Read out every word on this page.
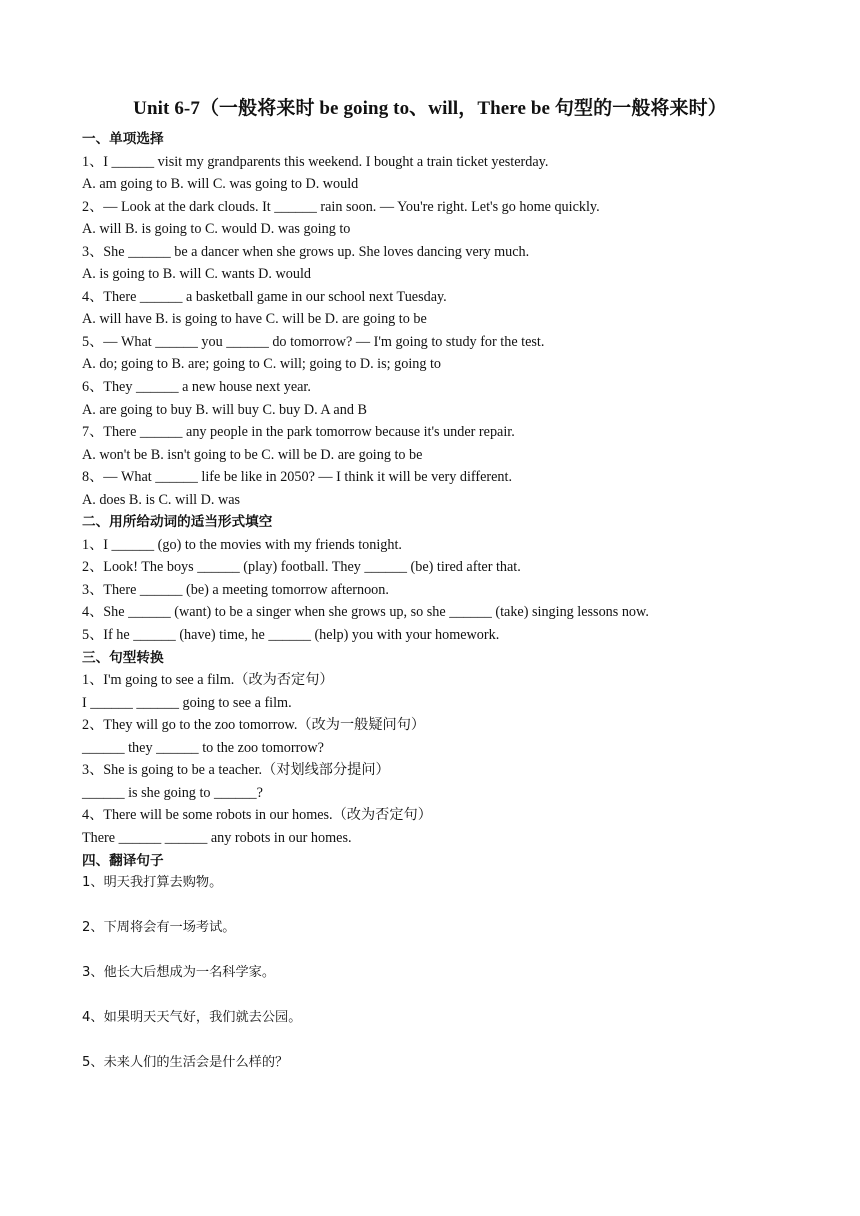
Unit 6-7（一般将来时 be going to、will，There be 句型的一般将来时）
一、单项选择
1、I ______ visit my grandparents this weekend. I bought a train ticket yesterday.
A. am going to B. will C. was going to D. would
2、— Look at the dark clouds. It ______ rain soon. — You're right. Let's go home quickly.
A. will B. is going to C. would D. was going to
3、She ______ be a dancer when she grows up. She loves dancing very much.
A. is going to B. will C. wants D. would
4、There ______ a basketball game in our school next Tuesday.
A. will have B. is going to have C. will be D. are going to be
5、— What ______ you ______ do tomorrow? — I'm going to study for the test.
A. do; going to B. are; going to C. will; going to D. is; going to
6、They ______ a new house next year.
A. are going to buy B. will buy C. buy D. A and B
7、There ______ any people in the park tomorrow because it's under repair.
A. won't be B. isn't going to be C. will be D. are going to be
8、— What ______ life be like in 2050? — I think it will be very different.
A. does B. is C. will D. was
二、用所给动词的适当形式填空
1、I ______ (go) to the movies with my friends tonight.
2、Look! The boys ______ (play) football. They ______ (be) tired after that.
3、There ______ (be) a meeting tomorrow afternoon.
4、She ______ (want) to be a singer when she grows up, so she ______ (take) singing lessons now.
5、If he ______ (have) time, he ______ (help) you with your homework.
三、句型转换
1、I'm going to see a film.（改为否定句）
I ______ ______ going to see a film.
2、They will go to the zoo tomorrow.（改为一般疑问句）
______ they ______ to the zoo tomorrow?
3、She is going to be a teacher.（对划线部分提问）
______ is she going to ______?
4、There will be some robots in our homes.（改为否定句）
There ______ ______ any robots in our homes.
四、翻译句子
1、明天我打算去购物。
2、下周将会有一场考试。
3、他长大后想成为一名科学家。
4、如果明天天气好，我们就去公园。
5、未来人们的生活会是什么样的？
